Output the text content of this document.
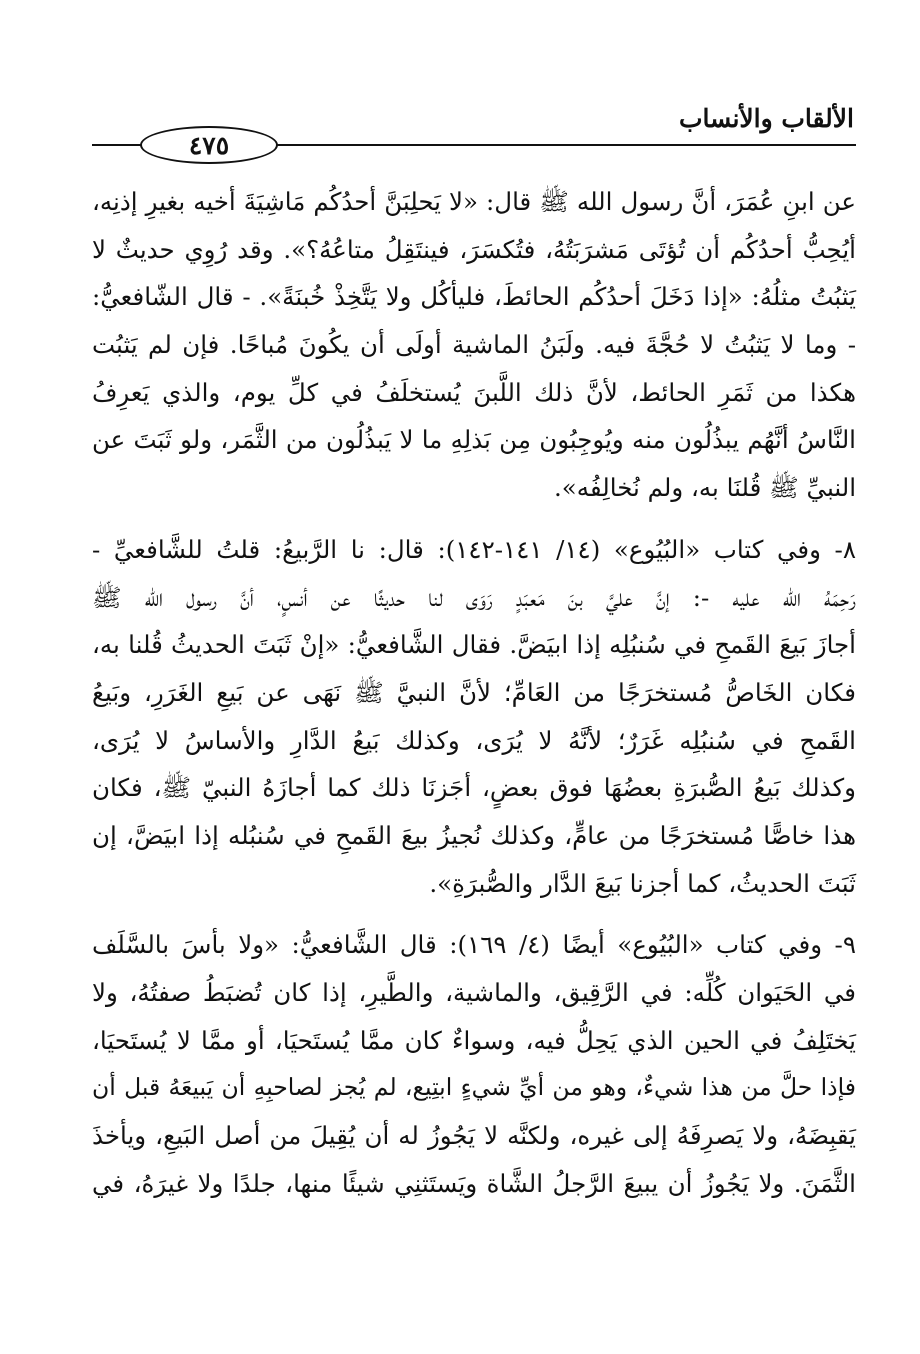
الألقاب والأنساب
٤٧٥
عن ابنِ عُمَرَ، أنَّ رسول الله ﷺ قال: «لا يَحلِبَنَّ أحدُكُم مَاشِيَةَ أخيه بغيرِ إذنِه،
أيُحِبُّ أحدُكُم أن تُؤتَى مَشرَبَتُهُ، فتُكسَرَ، فينتَقِلُ متاعُهُ؟». وقد رُوِي حديثٌ لا
يَثبُتُ مثلُهُ: «إذا دَخَلَ أحدُكُم الحائطَ، فليأكُل ولا يَتَّخِذْ خُبنَةً». - قال الشّافعيُّ:
- وما لا يَثبُتُ لا حُجَّةَ فيه. ولَبَنُ الماشية أولَى أن يكُونَ مُباحًا. فإن لم يَثبُت
هكذا من ثَمَرِ الحائط، لأنَّ ذلك اللَّبنَ يُستخلَفُ في كلِّ يوم، والذي يَعرِفُ
النَّاسُ أنَّهُم يبذُلُون منه ويُوجِبُون مِن بَذلِهِ ما لا يَبذُلُون من الثَّمَر، ولو ثَبَتَ عن
النبيِّ ﷺ قُلنَا به، ولم نُخالِفُه».
٨- وفي كتاب «البُيُوع» (١٤/ ١٤١-١٤٢): قال: نا الرَّبيعُ: قلتُ للشَّافعيِّ -
رَحِمَهُ الله عليه -: إنَّ عليَّ بنَ مَعبَدٍ رَوَى لنا حديثًا عن أنسٍ، أنَّ رسول الله ﷺ
أجازَ بَيعَ القَمحِ في سُنبُلِه إذا ابيَضَّ. فقال الشَّافعيُّ: «إنْ ثَبَتَ الحديثُ قُلنا به،
فكان الخَاصُّ مُستخرَجًا من العَامِّ؛ لأنَّ النبيَّ ﷺ نَهَى عن بَيعِ الغَرَرِ، وبَيعُ
القَمحِ في سُنبُلِه غَرَرٌ؛ لأنَّهُ لا يُرَى، وكذلك بَيعُ الدَّارِ والأساسُ لا يُرَى،
وكذلك بَيعُ الصُّبرَةِ بعضُهَا فوق بعضٍ، أجَزنَا ذلك كما أجازَهُ النبيّ ﷺ، فكان
هذا خاصًّا مُستخرَجًا من عامٍّ، وكذلك نُجيزُ بيعَ القَمحِ في سُنبُله إذا ابيَضَّ، إن
ثَبَتَ الحديثُ، كما أجزنا بَيعَ الدَّار والصُّبرَةِ».
٩- وفي كتاب «البُيُوع» أيضًا (٤/ ١٦٩): قال الشَّافعيُّ: «ولا بأسَ بالسَّلَف
في الحَيَوان كُلِّه: في الرَّقِيق، والماشية، والطَّيرِ، إذا كان تُضبَطُ صفتُهُ، ولا
يَختَلِفُ في الحين الذي يَحِلُّ فيه، وسواءٌ كان ممَّا يُستَحيَا، أو ممَّا لا يُستَحيَا،
فإذا حلَّ من هذا شيءٌ، وهو من أيِّ شيءٍ ابتِيع، لم يُجز لصاحبِهِ أن يَبيعَهُ قبل أن
يَقبِضَهُ، ولا يَصرِفَهُ إلى غيره، ولكنَّه لا يَجُوزُ له أن يُقِيلَ من أصل البَيعِ، ويأخذَ
الثَّمَنَ. ولا يَجُوزُ أن يبيعَ الرَّجلُ الشَّاة ويَستَثنِي شيئًا منها، جلدًا ولا غيرَهُ، في
